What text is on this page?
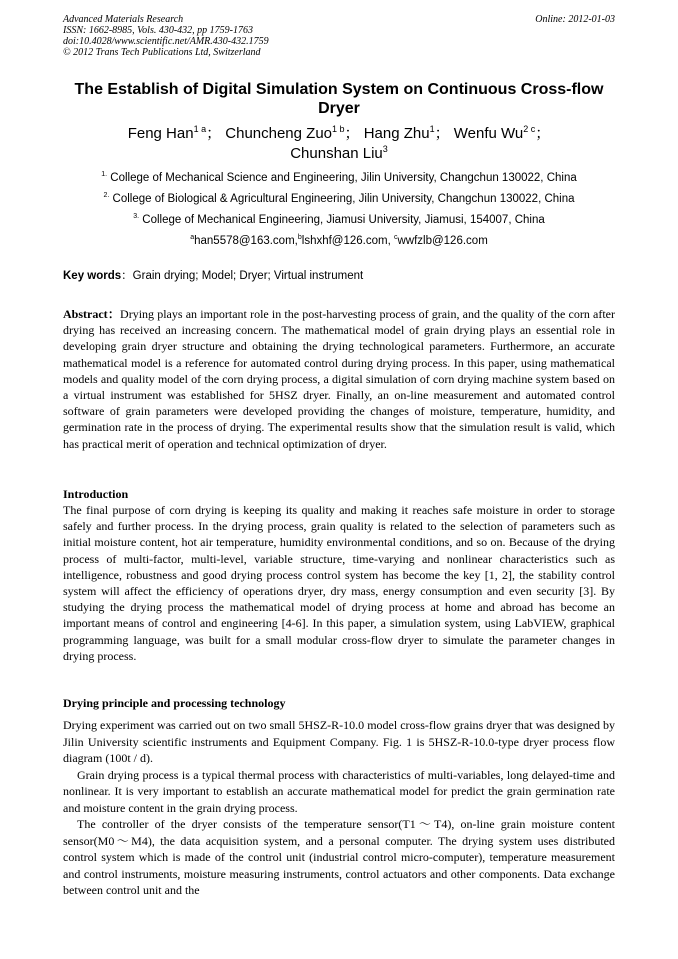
Advanced Materials Research
ISSN: 1662-8985, Vols. 430-432, pp 1759-1763
doi:10.4028/www.scientific.net/AMR.430-432.1759
© 2012 Trans Tech Publications Ltd, Switzerland
Online: 2012-01-03
The Establish of Digital Simulation System on Continuous Cross-flow Dryer
Feng Han$^{1 a}$； Chuncheng Zuo$^{1 b}$； Hang Zhu$^1$； Wenfu $Wu^{2 c}$；
Chunshan Liu$^3$
$^{1.}$ College of Mechanical Science and Engineering, Jilin University, Changchun 130022, China
$^{2.}$ College of Biological & Agricultural Engineering, Jilin University, Changchun 130022, China
$^{3.}$ College of Mechanical Engineering, Jiamusi University, Jiamusi, 154007, China
$^a$han5578@163.com,$^b$lshxhf@126.com, $^c$wwfzlb@126.com
Key words：Grain drying; Model; Dryer; Virtual instrument
Abstract：Drying plays an important role in the post-harvesting process of grain, and the quality of the corn after drying has received an increasing concern. The mathematical model of grain drying plays an essential role in developing grain dryer structure and obtaining the drying technological parameters. Furthermore, an accurate mathematical model is a reference for automated control during drying process. In this paper, using mathematical models and quality model of the corn drying process, a digital simulation of corn drying machine system based on a virtual instrument was established for 5HSZ dryer. Finally, an on-line measurement and automated control software of grain parameters were developed providing the changes of moisture, temperature, humidity, and germination rate in the process of drying. The experimental results show that the simulation result is valid, which has practical merit of operation and technical optimization of dryer.
Introduction
The final purpose of corn drying is keeping its quality and making it reaches safe moisture in order to storage safely and further process. In the drying process, grain quality is related to the selection of parameters such as initial moisture content, hot air temperature, humidity environmental conditions, and so on. Because of the drying process of multi-factor, multi-level, variable structure, time-varying and nonlinear characteristics such as intelligence, robustness and good drying process control system has become the key [1, 2], the stability control system will affect the efficiency of operations dryer, dry mass, energy consumption and even security [3]. By studying the drying process the mathematical model of drying process at home and abroad has become an important means of control and engineering [4-6]. In this paper, a simulation system, using LabVIEW, graphical programming language, was built for a small modular cross-flow dryer to simulate the parameter changes in drying process.
Drying principle and processing technology

Drying experiment was carried out on two small 5HSZ-R-10.0 model cross-flow grains dryer that was designed by Jilin University scientific instruments and Equipment Company. Fig. 1 is 5HSZ-R-10.0-type dryer process flow diagram (100t / d).

Grain drying process is a typical thermal process with characteristics of multi-variables, long delayed-time and nonlinear. It is very important to establish an accurate mathematical model for predict the grain germination rate and moisture content in the grain drying process.

The controller of the dryer consists of the temperature sensor(T1～T4), on-line grain moisture content sensor(M0～M4), the data acquisition system, and a personal computer. The drying system uses distributed control system which is made of the control unit (industrial control micro-computer), temperature measurement and control instruments, moisture measuring instruments, control actuators and other components. Data exchange between control unit and the
